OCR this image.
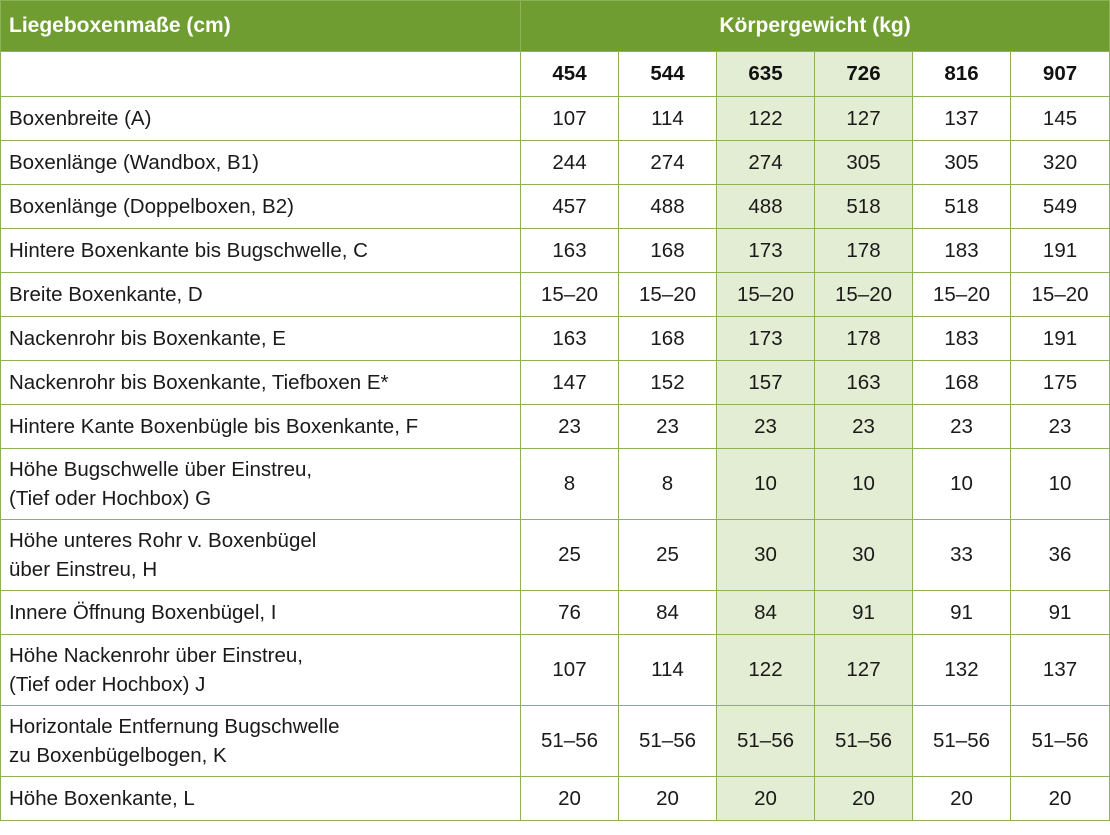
Liegeboxenmaße (cm)	Körpergewicht (kg)					
	454	544	635	726	816	907

Boxenbreite (A)	107	114	122	127	137	145

Boxenlänge (Wandbox, B1)	244	274	274	305	305	320

Boxenlänge (Doppelboxen, B2)	457	488	488	518	518	549

Hintere Boxenkante bis Bugschwelle, C	163	168	173	178	183	191

Breite Boxenkante, D	15–20	15–20	15–20	15–20	15–20	15–20

Nackenrohr bis Boxenkante, E	163	168	173	178	183	191

Nackenrohr bis Boxenkante, Tiefboxen E*	147	152	157	163	168	175

Hintere Kante Boxenbügle bis Boxenkante, F	23	23	23	23	23	23

Höhe Bugschwelle über Einstreu,
(Tief oder Hochbox) G	8	8	10	10	10	10

Höhe unteres Rohr v. Boxenbügel
über Einstreu, H	25	25	30	30	33	36

Innere Öffnung Boxenbügel, I	76	84	84	91	91	91

Höhe Nackenrohr über Einstreu,
(Tief oder Hochbox) J	107	114	122	127	132	137

Horizontale Entfernung Bugschwelle
zu Boxenbügelbogen, K	51–56	51–56	51–56	51–56	51–56	51–56

Höhe Boxenkante, L	20	20	20	20	20	20
